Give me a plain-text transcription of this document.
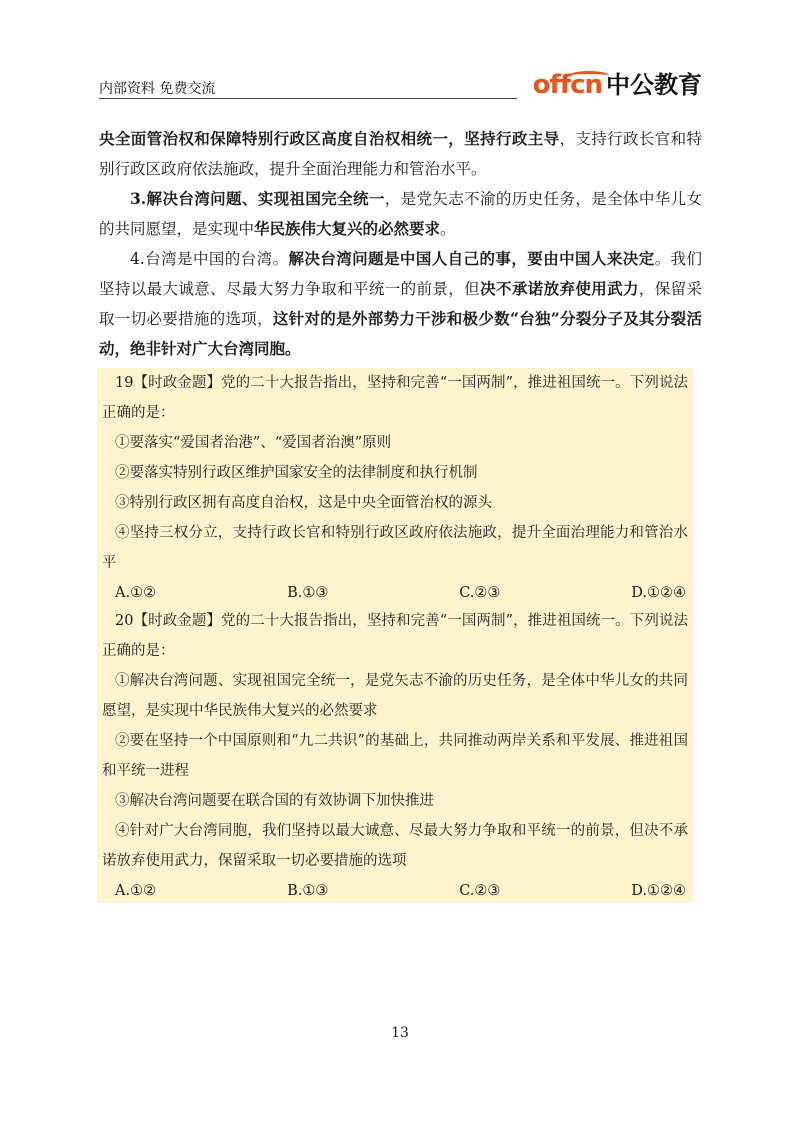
内部资料 免费交流	offcn 中公教育

央全面管治权和保障特别行政区高度自治权相统一，坚持行政主导，支持行政长官和特别行政区政府依法施政，提升全面治理能力和管治水平。

3.解决台湾问题、实现祖国完全统一，是党矢志不渝的历史任务，是全体中华儿女的共同愿望，是实现中华民族伟大复兴的必然要求。

4.台湾是中国的台湾。解决台湾问题是中国人自己的事，要由中国人来决定。我们坚持以最大诚意、尽最大努力争取和平统一的前景，但决不承诺放弃使用武力，保留采取一切必要措施的选项，这针对的是外部势力干涉和极少数“台独”分裂分子及其分裂活动，绝非针对广大台湾同胞。

19【时政金题】党的二十大报告指出，坚持和完善“一国两制”，推进祖国统一。下列说法正确的是：

①要落实“爱国者治港”、“爱国者治澳”原则

②要落实特别行政区维护国家安全的法律制度和执行机制

③特别行政区拥有高度自治权，这是中央全面管治权的源头

④坚持三权分立，支持行政长官和特别行政区政府依法施政，提升全面治理能力和管治水平

A.①②	B.①③	C.②③	D.①②④

20【时政金题】党的二十大报告指出，坚持和完善“一国两制”，推进祖国统一。下列说法正确的是：

①解决台湾问题、实现祖国完全统一，是党矢志不渝的历史任务，是全体中华儿女的共同愿望，是实现中华民族伟大复兴的必然要求

②要在坚持一个中国原则和“九二共识”的基础上，共同推动两岸关系和平发展、推进祖国和平统一进程

③解决台湾问题要在联合国的有效协调下加快推进

④针对广大台湾同胞，我们坚持以最大诚意、尽最大努力争取和平统一的前景，但决不承诺放弃使用武力，保留采取一切必要措施的选项

A.①②	B.①③	C.②③	D.①②④
13
